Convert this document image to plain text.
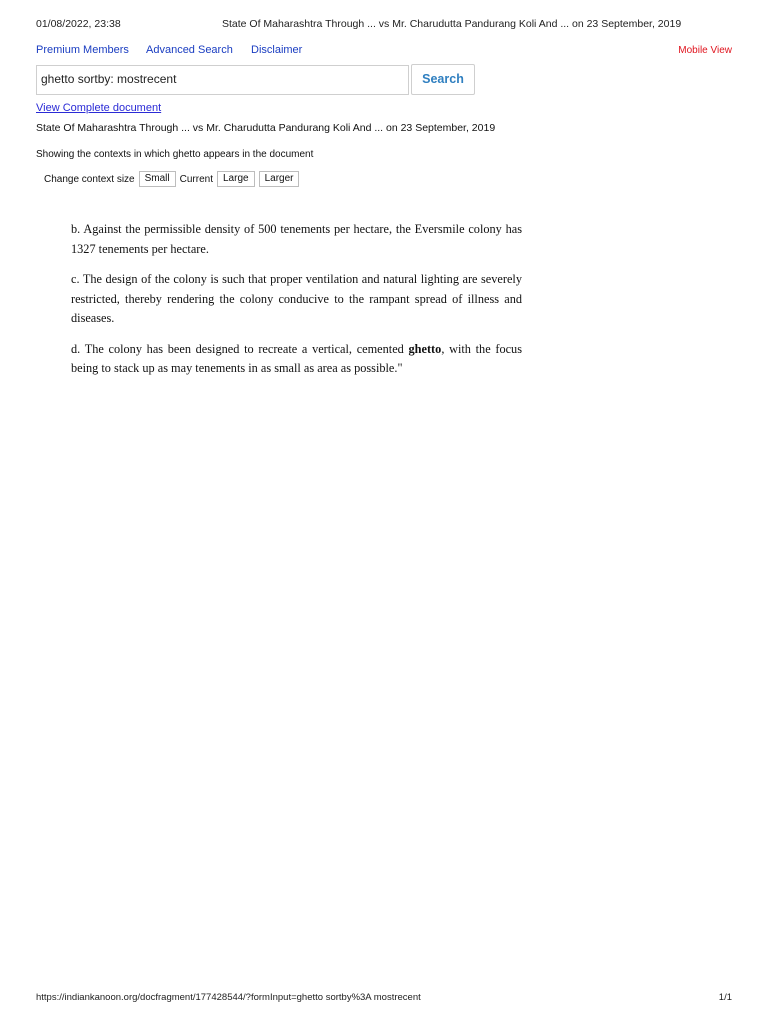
01/08/2022, 23:38	State Of Maharashtra Through ... vs Mr. Charudutta Pandurang Koli And ... on 23 September, 2019
Premium Members Advanced Search Disclaimer	Mobile View
ghetto sortby: mostrecent	Search
View Complete document
State Of Maharashtra Through ... vs Mr. Charudutta Pandurang Koli And ... on 23 September, 2019
Showing the contexts in which ghetto appears in the document
Change context size	Small	Current	Large	Larger

b. Against the permissible density of 500 tenements per hectare, the Eversmile colony has 1327 tenements per hectare.

c. The design of the colony is such that proper ventilation and natural lighting are severely restricted, thereby rendering the colony conducive to the rampant spread of illness and diseases.

d. The colony has been designed to recreate a vertical, cemented ghetto, with the focus being to stack up as may tenements in as small as area as possible."

https://indiankanoon.org/docfragment/177428544/?formInput=ghetto sortby%3A mostrecent	1/1
